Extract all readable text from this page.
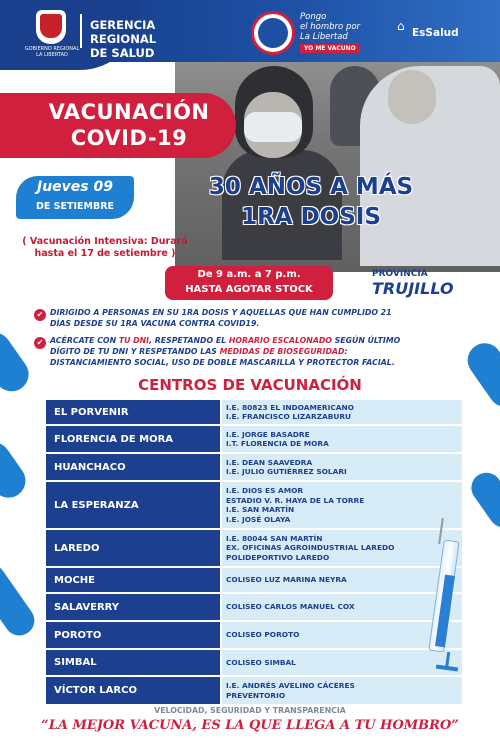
GOBIERNO REGIONAL LA LIBERTAD
GERENCIA REGIONAL
DE SALUD
Pongo
el hombro por
La Libertad
YO ME VACUNO
⌂ EsSalud
VACUNACIÓN
COVID-19
Jueves 09
DE SETIEMBRE
30 AÑOS A MÁS
1RA DOSIS
( Vacunación Intensiva: Durará
hasta el 17 de setiembre )
De 9 a.m. a 7 p.m.
HASTA AGOTAR STOCK
PROVINCIA
TRUJILLO
✔ DIRIGIDO A PERSONAS EN SU 1RA DOSIS Y AQUELLAS QUE HAN CUMPLIDO 21
DÍAS DESDE SU 1RA VACUNA CONTRA COVID19.
✔ ACÉRCATE CON TU DNI, RESPETANDO EL HORARIO ESCALONADO SEGÚN ÚLTIMO
DÍGITO DE TU DNI Y RESPETANDO LAS MEDIDAS DE BIOSEGURIDAD:
DISTANCIAMIENTO SOCIAL, USO DE DOBLE MASCARILLA Y PROTECTOR FACIAL.
CENTROS DE VACUNACIÓN
EL PORVENIR	I.E. 80823 EL INDOAMERICANO
I.E. FRANCISCO LIZARZABURU
FLORENCIA DE MORA	I.E. JORGE BASADRE
I.T. FLORENCIA DE MORA
HUANCHACO	I.E. DEAN SAAVEDRA
I.E. JULIO GUTIÉRREZ SOLARI
LA ESPERANZA
I.E. DIOS ES AMOR
ESTADIO V. R. HAYA DE LA TORRE
I.E. SAN MARTÍN
I.E. JOSÉ OLAYA
LAREDO
I.E. 80044 SAN MARTÍN
EX. OFICINAS AGROINDUSTRIAL LAREDO
POLIDEPORTIVO LAREDO
MOCHE	COLISEO LUZ MARINA NEYRA
SALAVERRY	COLISEO CARLOS MANUEL COX
POROTO	COLISEO POROTO
SIMBAL	COLISEO SIMBAL
VÍCTOR LARCO	I.E. ANDRÉS AVELINO CÁCERES
PREVENTORIO
VELOCIDAD, SEGURIDAD Y TRANSPARENCIA
“LA MEJOR VACUNA, ES LA QUE LLEGA A TU HOMBRO”
